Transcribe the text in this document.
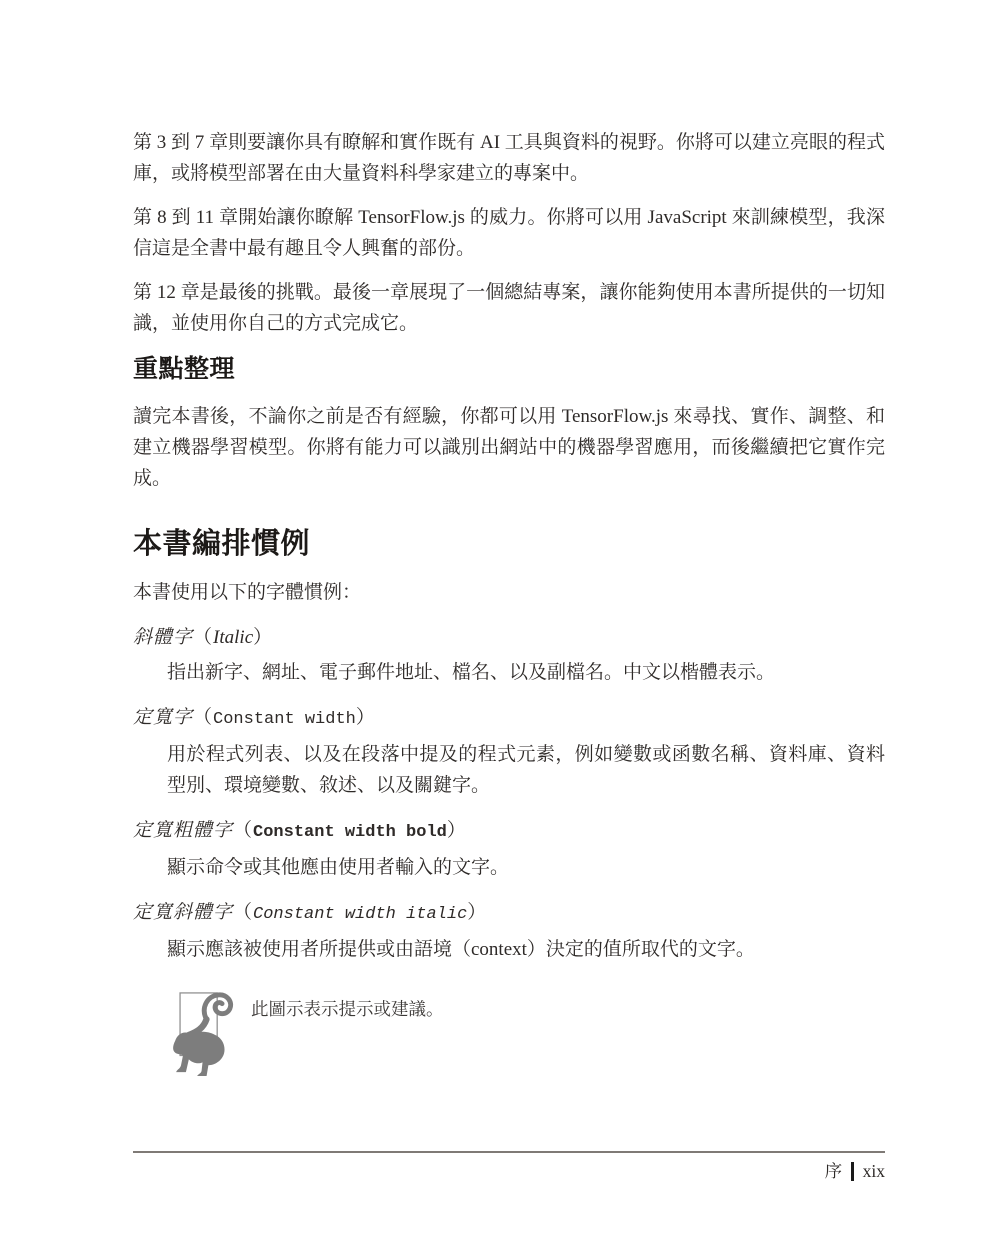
第 3 到 7 章則要讓你具有瞭解和實作既有 AI 工具與資料的視野。你將可以建立亮眼的程式庫，或將模型部署在由大量資料科學家建立的專案中。

第 8 到 11 章開始讓你瞭解 TensorFlow.js 的威力。你將可以用 JavaScript 來訓練模型，我深信這是全書中最有趣且令人興奮的部份。

第 12 章是最後的挑戰。最後一章展現了一個總結專案，讓你能夠使用本書所提供的一切知識，並使用你自己的方式完成它。

重點整理

讀完本書後，不論你之前是否有經驗，你都可以用 TensorFlow.js 來尋找、實作、調整、和建立機器學習模型。你將有能力可以識別出網站中的機器學習應用，而後繼續把它實作完成。

本書編排慣例

本書使用以下的字體慣例：

斜體字（Italic）
指出新字、網址、電子郵件地址、檔名、以及副檔名。中文以楷體表示。
定寬字（Constant width）
用於程式列表、以及在段落中提及的程式元素，例如變數或函數名稱、資料庫、資料型別、環境變數、敘述、以及關鍵字。
定寬粗體字（Constant width bold）
顯示命令或其他應由使用者輸入的文字。
定寬斜體字（Constant width italic）
顯示應該被使用者所提供或由語境（context）決定的值所取代的文字。
此圖示表示提示或建議。
序 xix
